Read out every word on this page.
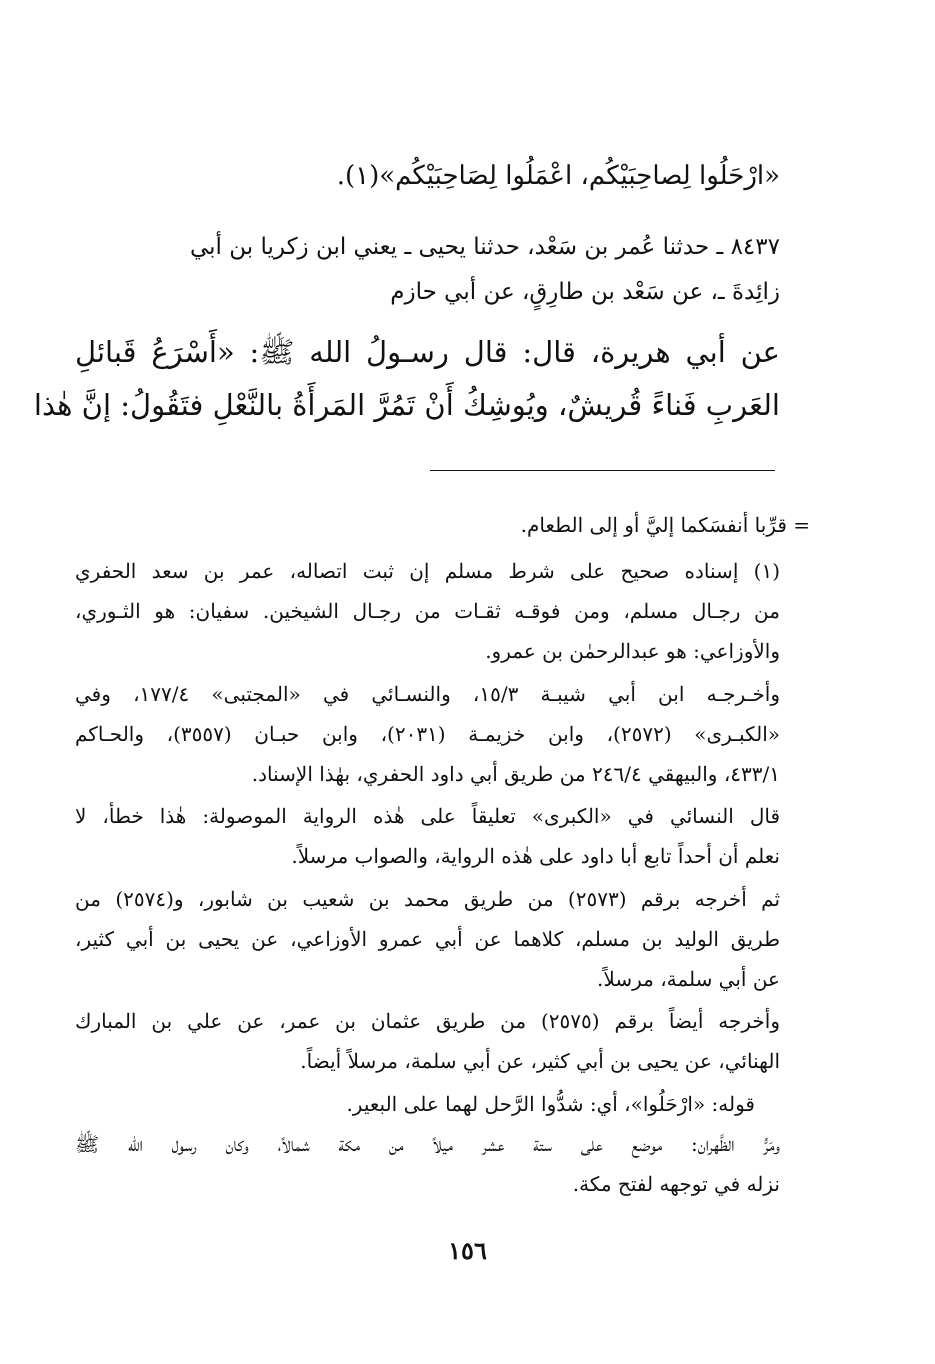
«ارْحَلُوا لِصاحِبَيْكُم، اعْمَلُوا لِصَاحِبَيْكُم»(١).
٨٤٣٧ ـ حدثنا عُمر بن سَعْد، حدثنا يحيى ـ يعني ابن زكريا بن أبي
زائِدةَ ـ، عن سَعْد بن طارِقٍ، عن أبي حازم
عن أبي هريرة، قال: قال رسـولُ الله ﷺ: «أَسْرَعُ قَبائلِ
العَربِ فَناءً قُريشٌ، ويُوشِكُ أَنْ تَمُرَّ المَرأَةُ بالنَّعْلِ فتَقُولُ: إنَّ هٰذا
= قرِّبا أنفسَكما إليَّ أو إلى الطعام.
(١) إسناده صحيح على شرط مسلم إن ثبت اتصاله، عمر بن سعد الحفري
من رجـال مسلم، ومن فوقـه ثقـات من رجـال الشيخين. سفيان: هو الثـوري،
والأوزاعي: هو عبدالرحمٰن بن عمرو.
وأخـرجـه ابن أبي شيبـة ١٥/٣، والنسـائي في «المجتبى» ١٧٧/٤، وفي
«الكبـرى» (٢٥٧٢)، وابن خزيمـة (٢٠٣١)، وابن حبـان (٣٥٥٧)، والحـاكم
٤٣٣/١، والبيهقي ٢٤٦/٤ من طريق أبي داود الحفري، بهٰذا الإسناد.
قال النسائي في «الكبرى» تعليقاً على هٰذه الرواية الموصولة: هٰذا خطأ، لا
نعلم أن أحداً تابع أبا داود على هٰذه الرواية، والصواب مرسلاً.
ثم أخرجه برقم (٢٥٧٣) من طريق محمد بن شعيب بن شابور، و(٢٥٧٤) من
طريق الوليد بن مسلم، كلاهما عن أبي عمرو الأوزاعي، عن يحيى بن أبي كثير،
عن أبي سلمة، مرسلاً.
وأخرجه أيضاً برقم (٢٥٧٥) من طريق عثمان بن عمر، عن علي بن المبارك
الهنائي، عن يحيى بن أبي كثير، عن أبي سلمة، مرسلاً أيضاً.
قوله: «ارْحَلُوا»، أي: شدُّوا الرَّحل لهما على البعير.
ومَرُّ الظَّهران: موضع على ستة عشر ميلاً من مكة شمالاً، وكان رسول الله ﷺ
نزله في توجهه لفتح مكة.
١٥٦
